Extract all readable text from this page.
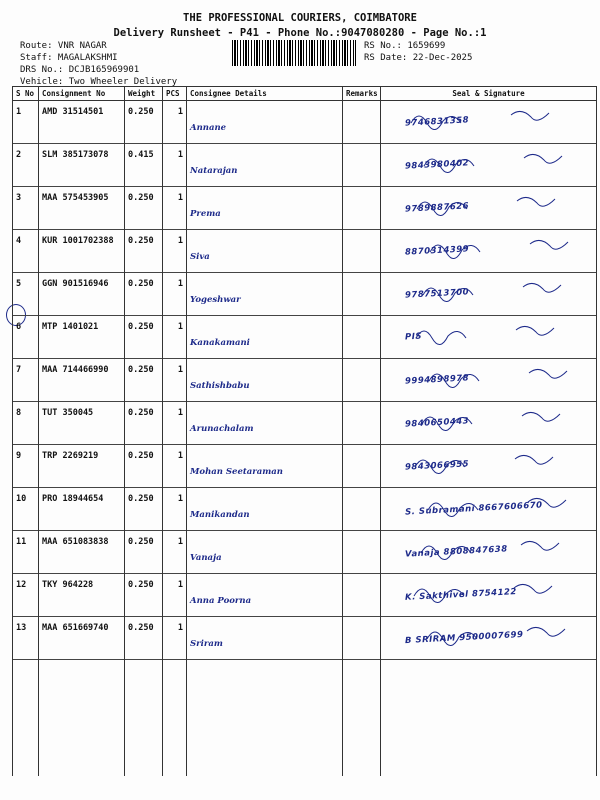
THE PROFESSIONAL COURIERS, COIMBATORE
Delivery Runsheet - P41 - Phone No.:9047080280 - Page No.:1
Route: VNR NAGAR
Staff: MAGALAKSHMI
DRS No.: DCJB165969901
Vehicle: Two Wheeler Delivery
RS No.: 1659699
RS Date: 22-Dec-2025
S No	Consignment No	Weight	PCS	Consignee Details	Remarks	Seal & Signature
1	AMD 31514501	0.250	1	Annane		9746831358

2	SLM 385173078	0.415	1	Natarajan		9843980402

3	MAA 575453905	0.250	1	Prema		9789887626

4	KUR 1001702388	0.250	1	Siva		8870314399

5	GGN 901516946	0.250	1	Yogeshwar		9787513700

6	MTP 1401021	0.250	1	Kanakamani		PIS

7	MAA 714466990	0.250	1	Sathishbabu		9994898978

8	TUT 350045	0.250	1	Arunachalam		9840650443

9	TRP 2269219	0.250	1	Mohan Seetaraman		9843066955

10	PRO 18944654	0.250	1	Manikandan		S. Subramani 8667606670

11	MAA 651083838	0.250	1	Vanaja		Vanaja 8808847638

12	TKY 964228	0.250	1	Anna Poorna		K. Sakthivel 8754122

13	MAA 651669740	0.250	1	Sriram		B SRIRAM 9500007699
